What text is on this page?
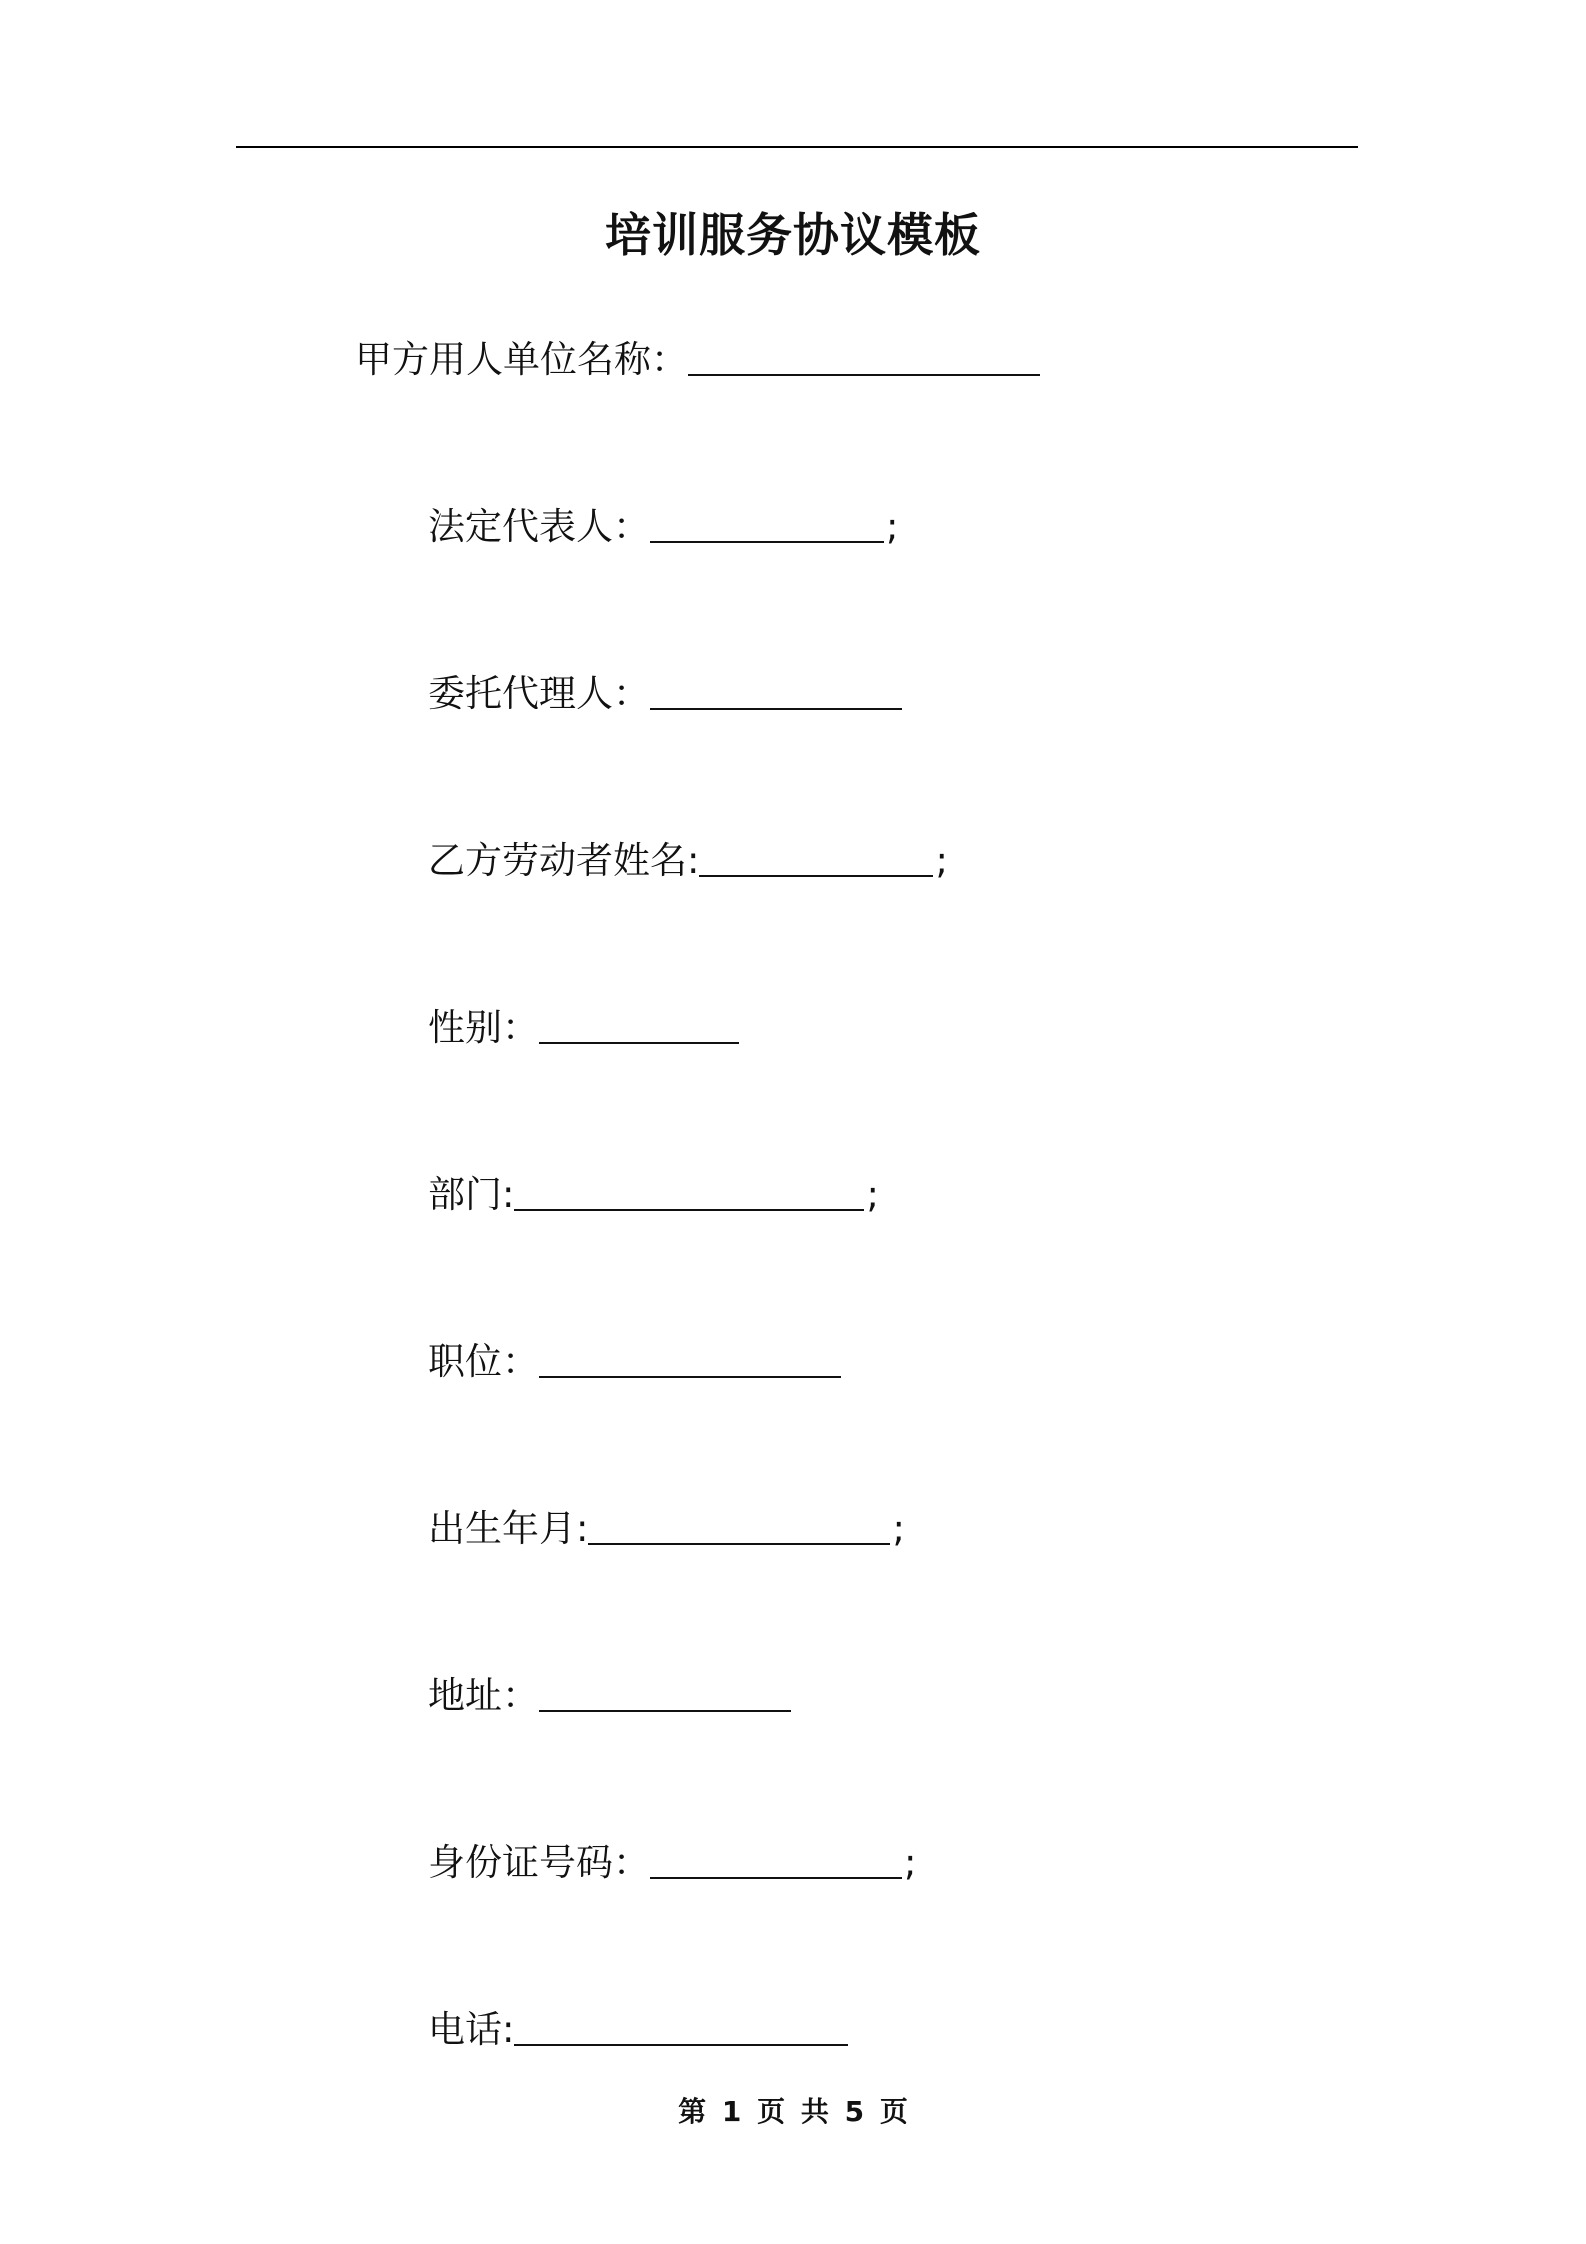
培训服务协议模板
甲方用人单位名称：
法定代表人：	;
委托代理人：
乙方劳动者姓名:	;
性别：
部门:	;
职位：
出生年月:	;
地址：
身份证号码：	;
电话:
第 1 页 共 5 页
